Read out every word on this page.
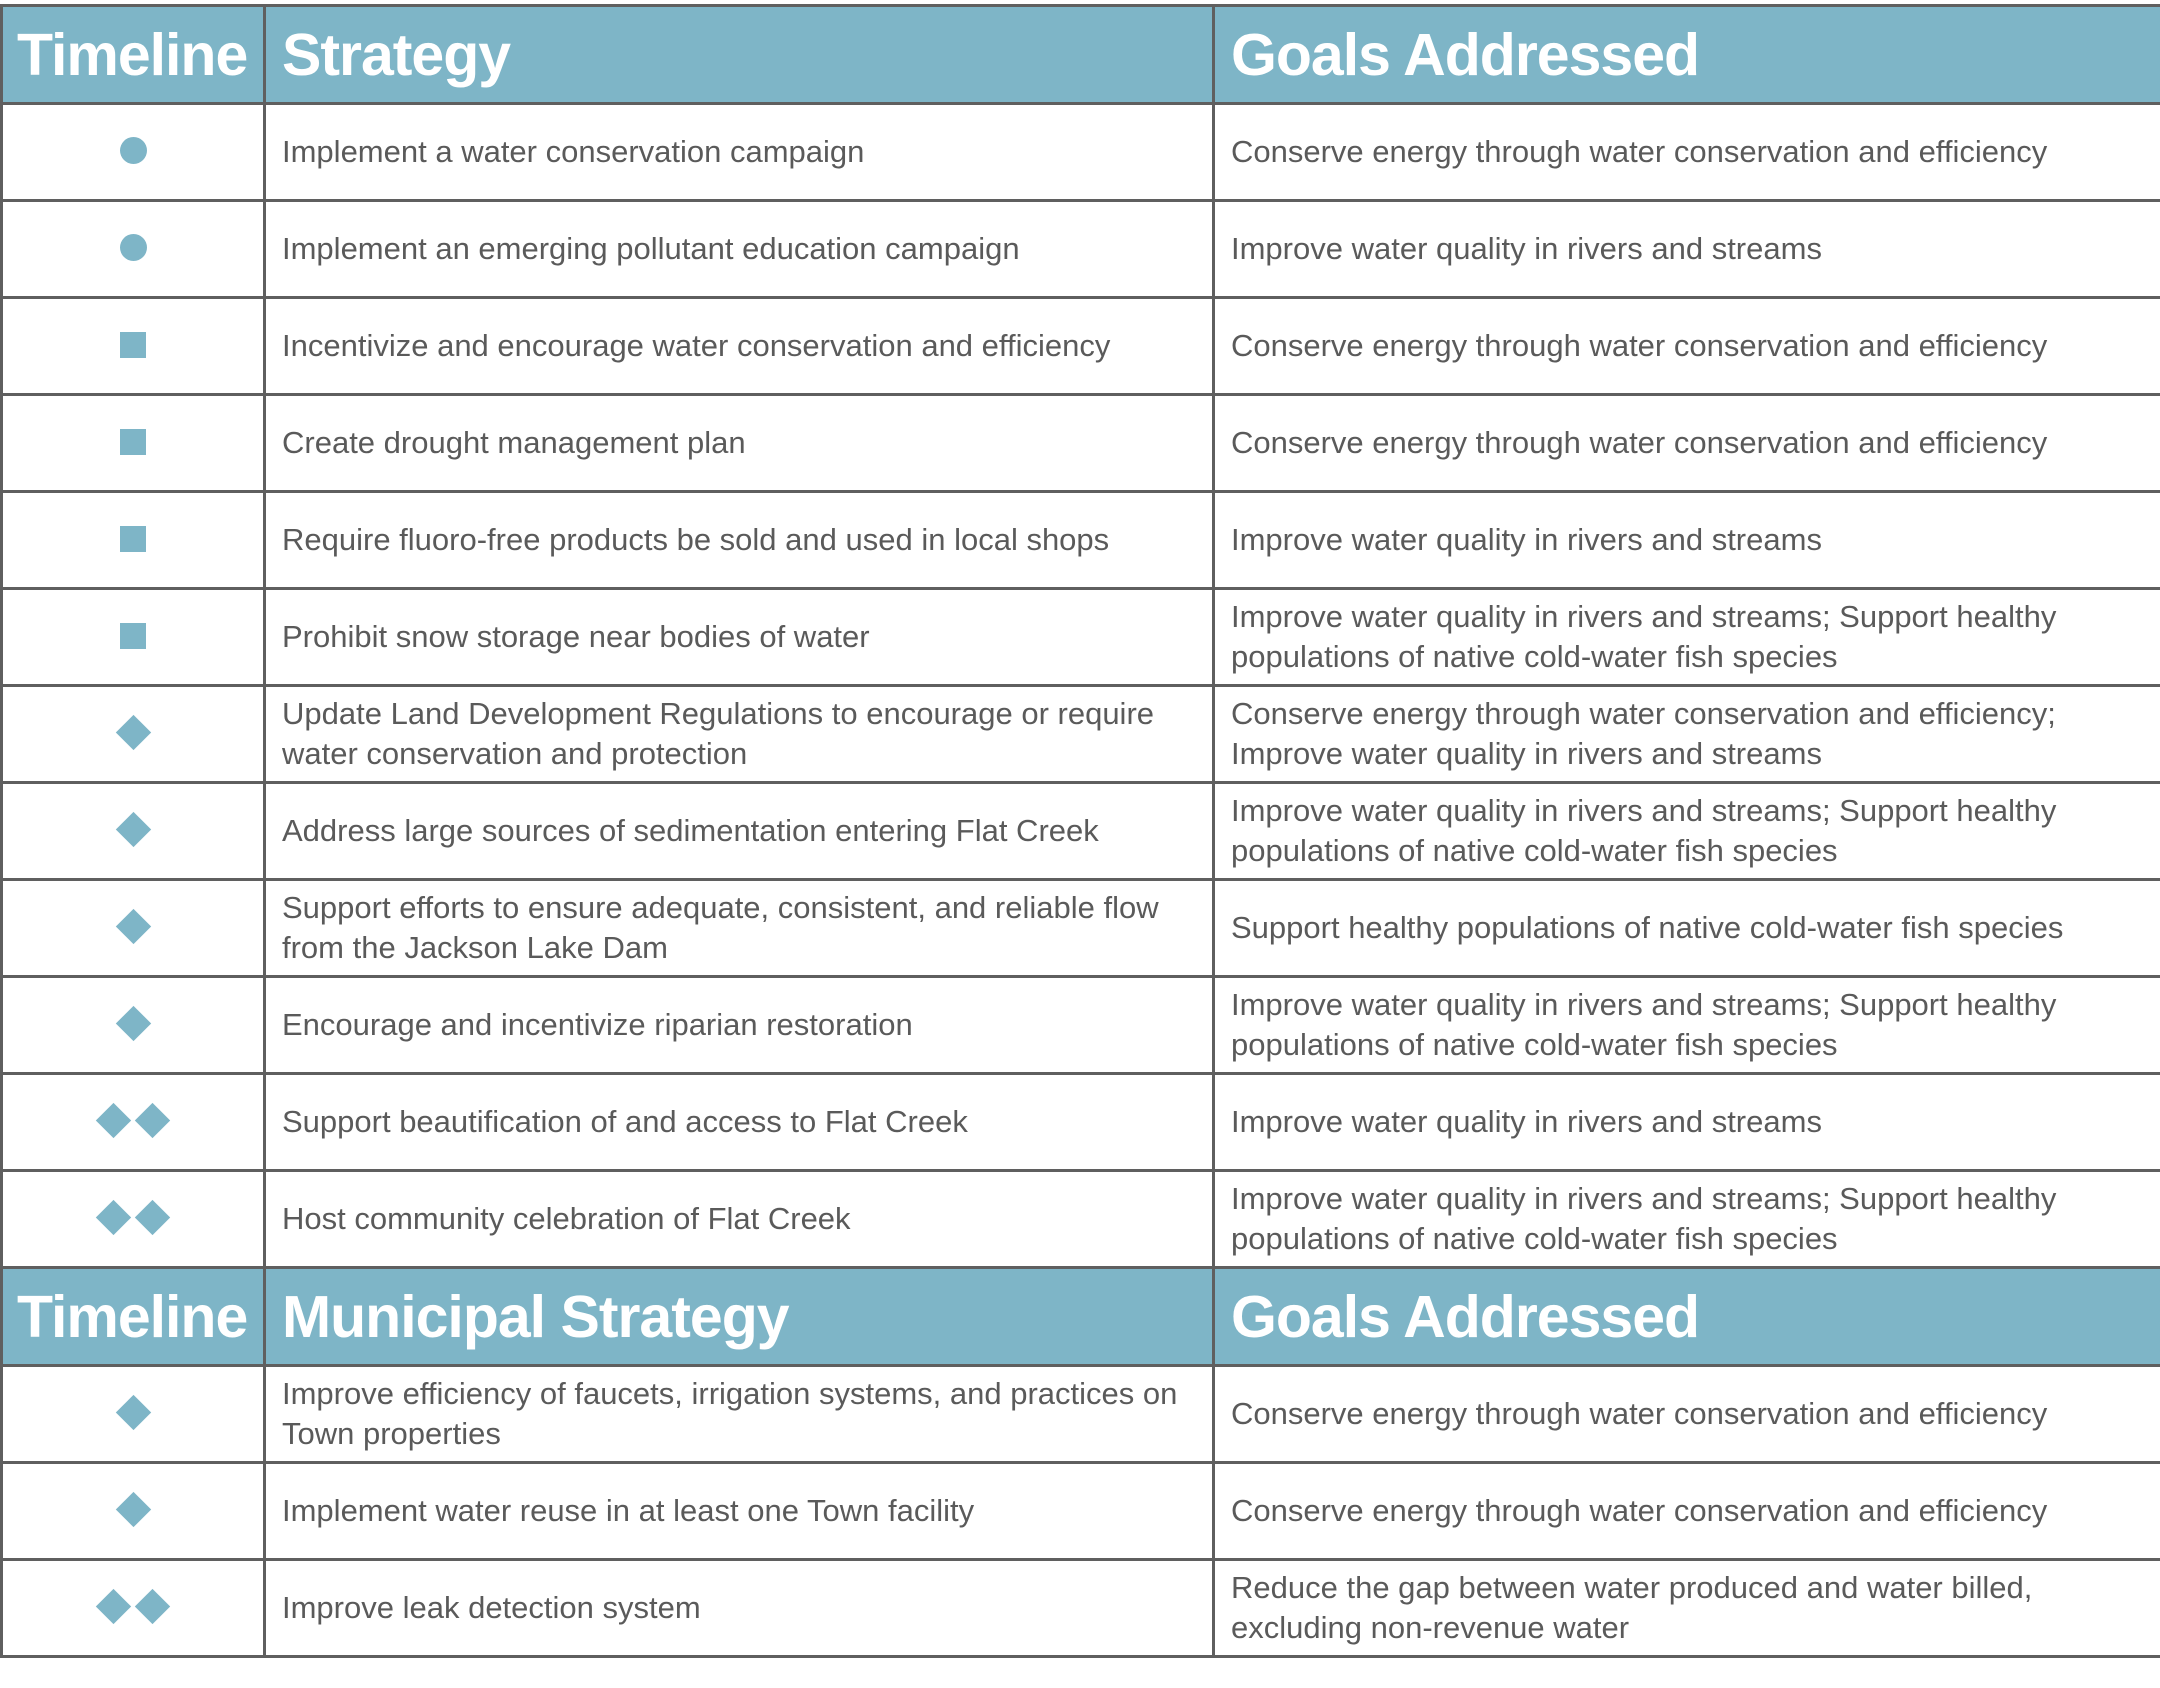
Timeline	Strategy	Goals Addressed

	Implement a water conservation campaign	Conserve energy through water conservation and efficiency

	Implement an emerging pollutant education campaign	Improve water quality in rivers and streams

	Incentivize and encourage water conservation and efficiency	Conserve energy through water conservation and efficiency

	Create drought management plan	Conserve energy through water conservation and efficiency

	Require fluoro-free products be sold and used in local shops	Improve water quality in rivers and streams

	Prohibit snow storage near bodies of water	Improve water quality in rivers and streams; Support healthy populations of native cold-water fish species

	Update Land Development Regulations to encourage or require water conservation and protection	Conserve energy through water conservation and efficiency; Improve water quality in rivers and streams

	Address large sources of sedimentation entering Flat Creek	Improve water quality in rivers and streams; Support healthy populations of native cold-water fish species

	Support efforts to ensure adequate, consistent, and reliable flow from the Jackson Lake Dam	Support healthy populations of native cold-water fish species

	Encourage and incentivize riparian restoration	Improve water quality in rivers and streams; Support healthy populations of native cold-water fish species

	Support beautification of and access to Flat Creek	Improve water quality in rivers and streams

	Host community celebration of Flat Creek	Improve water quality in rivers and streams; Support healthy populations of native cold-water fish species
Timeline	Municipal Strategy	Goals Addressed

	Improve efficiency of faucets, irrigation systems, and practices on Town properties	Conserve energy through water conservation and efficiency

	Implement water reuse in at least one Town facility	Conserve energy through water conservation and efficiency

	Improve leak detection system	Reduce the gap between water produced and water billed, excluding non-revenue water
